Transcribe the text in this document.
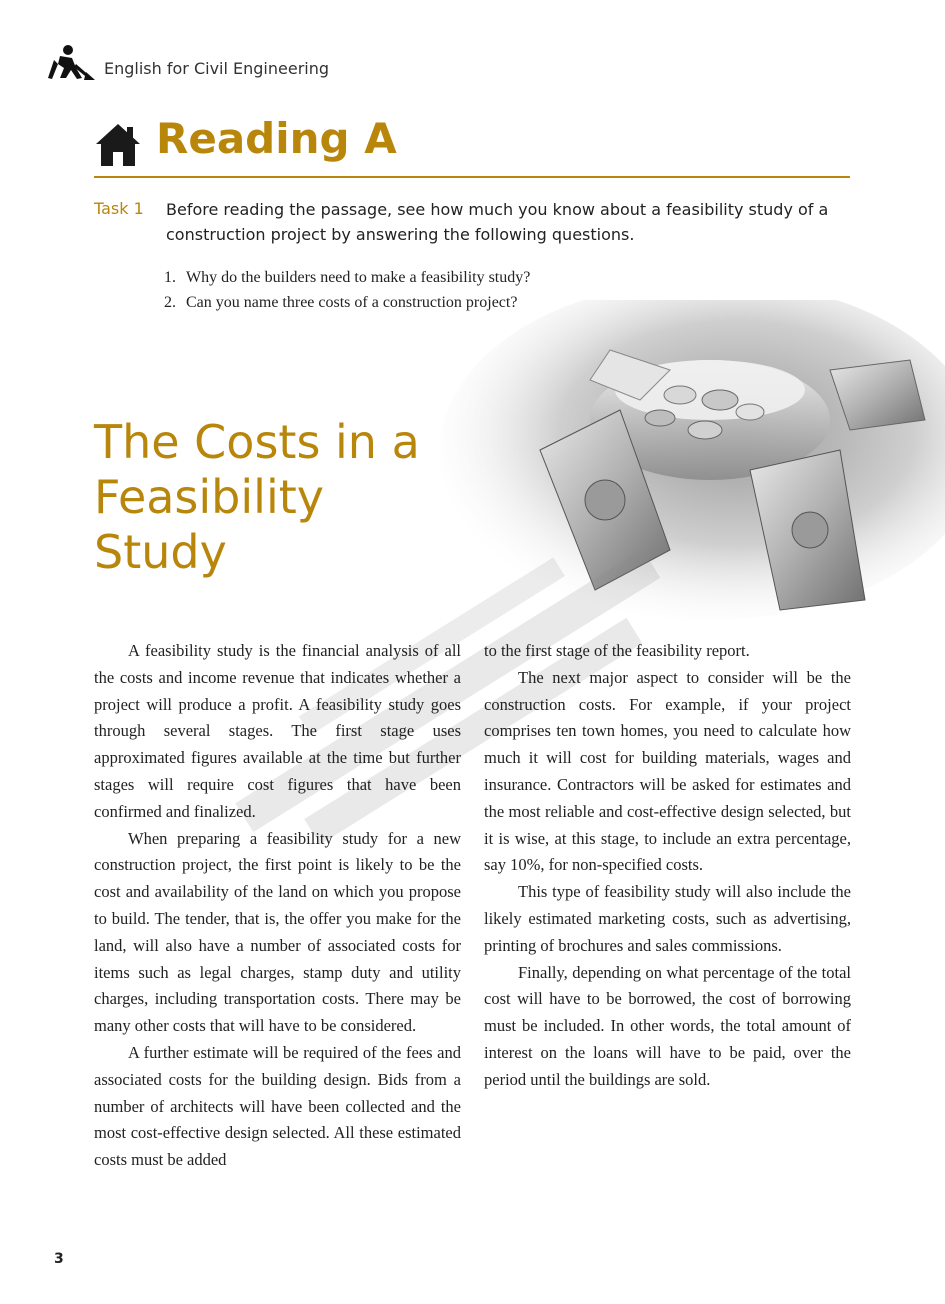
English for Civil Engineering
Reading A
Task 1 Before reading the passage, see how much you know about a feasibility study of a construction project by answering the following questions.
1. Why do the builders need to make a feasibility study?
2. Can you name three costs of a construction project?
The Costs in a
Feasibility
Study

A feasibility study is the financial analysis of all the costs and income revenue that indicates whether a project will produce a profit. A feasibility study goes through several stages. The first stage uses approximated figures available at the time but further stages will require cost figures that have been confirmed and finalized.

When preparing a feasibility study for a new construction project, the first point is likely to be the cost and availability of the land on which you propose to build. The tender, that is, the offer you make for the land, will also have a number of associated costs for items such as legal charges, stamp duty and utility charges, including transportation costs. There may be many other costs that will have to be considered.

A further estimate will be required of the fees and associated costs for the building design. Bids from a number of architects will have been collected and the most cost-effective design selected. All these estimated costs must be added

to the first stage of the feasibility report.

The next major aspect to consider will be the construction costs. For example, if your project comprises ten town homes, you need to calculate how much it will cost for building materials, wages and insurance. Contractors will be asked for estimates and the most reliable and cost-effective design selected, but it is wise, at this stage, to include an extra percentage, say 10%, for non-specified costs.

This type of feasibility study will also include the likely estimated marketing costs, such as advertising, printing of brochures and sales commissions.

Finally, depending on what percentage of the total cost will have to be borrowed, the cost of borrowing must be included. In other words, the total amount of interest on the loans will have to be paid, over the period until the buildings are sold.

3
